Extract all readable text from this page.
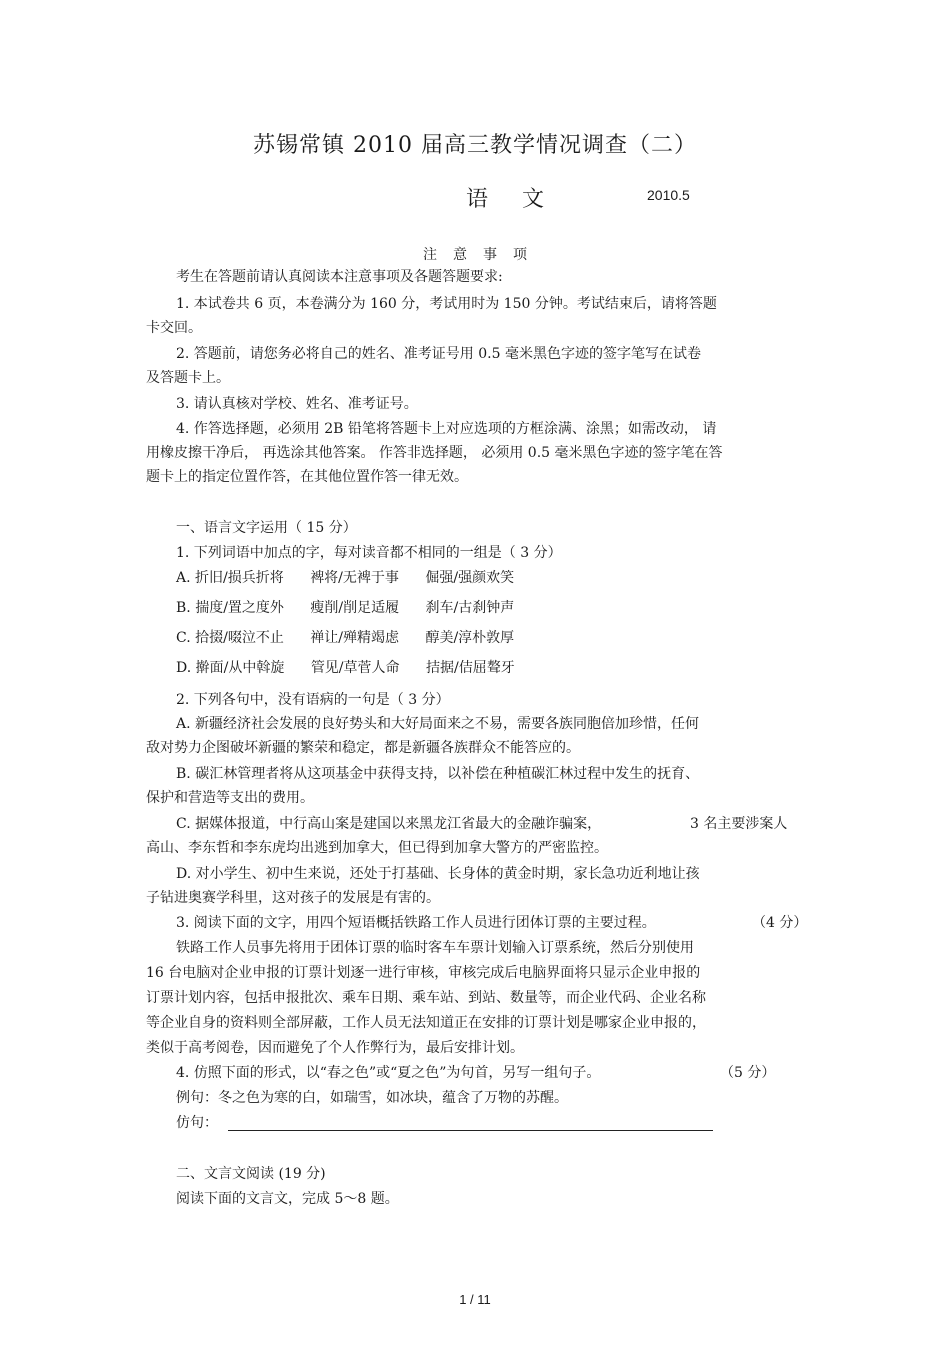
苏锡常镇 2010 届高三教学情况调查（二）
语文	2010.5
注意事项
考生在答题前请认真阅读本注意事项及各题答题要求:
1. 本试卷共 6 页，本卷满分为 160 分，考试用时为 150 分钟。考试结束后，请将答题
卡交回。
2. 答题前，请您务必将自己的姓名、准考证号用 0.5 毫米黑色字迹的签字笔写在试卷
及答题卡上。
3. 请认真核对学校、姓名、准考证号。
4. 作答选择题，必须用 2B 铅笔将答题卡上对应选项的方框涂满、涂黑；如需改动， 请
用橡皮擦干净后， 再选涂其他答案。 作答非选择题， 必须用 0.5 毫米黑色字迹的签字笔在答
题卡上的指定位置作答，在其他位置作答一律无效。
一、语言文字运用（ 15 分）
1. 下列词语中加点的字，每对读音都不相同的一组是（ 3 分）
A. 折旧/损兵折将 裨将/无裨于事 倔强/强颜欢笑
B. 揣度/置之度外 瘦削/削足适履 刹车/古刹钟声
C. 拾掇/啜泣不止 禅让/殚精竭虑 醇美/淳朴敦厚
D. 擀面/从中斡旋 管见/草菅人命 拮据/佶屈聱牙
2. 下列各句中，没有语病的一句是（ 3 分）
A. 新疆经济社会发展的良好势头和大好局面来之不易，需要各族同胞倍加珍惜，任何
敌对势力企图破坏新疆的繁荣和稳定，都是新疆各族群众不能答应的。
B. 碳汇林管理者将从这项基金中获得支持，以补偿在种植碳汇林过程中发生的抚育、
保护和营造等支出的费用。
C. 据媒体报道，中行高山案是建国以来黑龙江省最大的金融诈骗案，	3 名主要涉案人
高山、李东哲和李东虎均出逃到加拿大，但已得到加拿大警方的严密监控。
D. 对小学生、初中生来说，还处于打基础、长身体的黄金时期，家长急功近利地让孩
子钻进奥赛学科里，这对孩子的发展是有害的。
3. 阅读下面的文字，用四个短语概括铁路工作人员进行团体订票的主要过程。	（4 分）
铁路工作人员事先将用于团体订票的临时客车车票计划输入订票系统，然后分别使用
16 台电脑对企业申报的订票计划逐一进行审核，审核完成后电脑界面将只显示企业申报的
订票计划内容，包括申报批次、乘车日期、乘车站、到站、数量等，而企业代码、企业名称
等企业自身的资料则全部屏蔽，工作人员无法知道正在安排的订票计划是哪家企业申报的，
类似于高考阅卷，因而避免了个人作弊行为，最后安排计划。
4. 仿照下面的形式，以“春之色”或“夏之色”为句首，另写一组句子。	（5 分）
例句：冬之色为寒的白，如瑞雪，如冰块，蕴含了万物的苏醒。
仿句：
二、文言文阅读 (19 分)
阅读下面的文言文，完成 5～8 题。
1 / 11
